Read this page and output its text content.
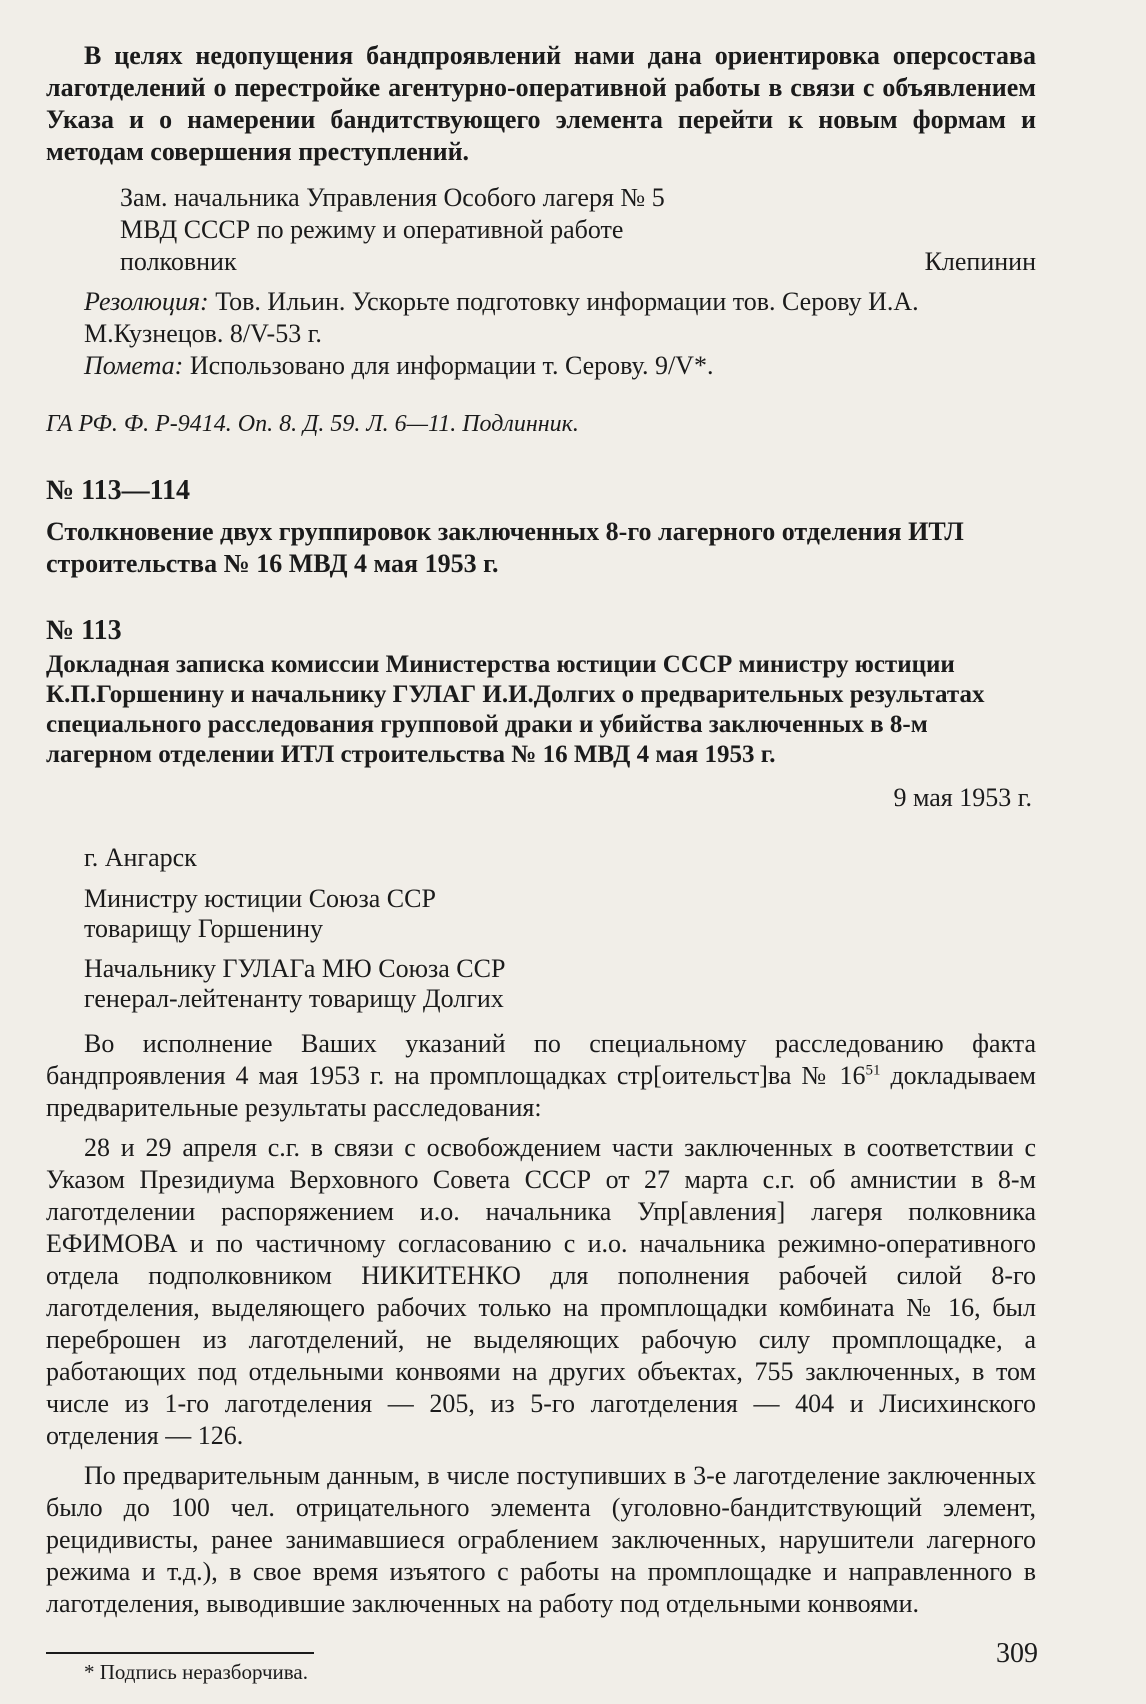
В целях недопущения бандпроявлений нами дана ориентировка оперсостава лаготделений о перестройке агентурно-оперативной работы в связи с объявлением Указа и о намерении бандитствующего элемента перейти к новым формам и методам совершения преступлений.

Зам. начальника Управления Особого лагеря № 5
МВД СССР по режиму и оперативной работе
полковник	Клепинин
Резолюция: Тов. Ильин. Ускорьте подготовку информации тов. Серову И.А. М.Кузнецов. 8/V-53 г.
Помета: Использовано для информации т. Серову. 9/V*.
ГА РФ. Ф. Р-9414. Оп. 8. Д. 59. Л. 6—11. Подлинник.
№ 113—114
Столкновение двух группировок заключенных 8-го лагерного отделения ИТЛ строительства № 16 МВД 4 мая 1953 г.
№ 113
Докладная записка комиссии Министерства юстиции СССР министру юстиции К.П.Горшенину и начальнику ГУЛАГ И.И.Долгих о предварительных результатах специального расследования групповой драки и убийства заключенных в 8-м лагерном отделении ИТЛ строительства № 16 МВД 4 мая 1953 г.
9 мая 1953 г.
г. Ангарск
Министру юстиции Союза ССР
товарищу Горшенину
Начальнику ГУЛАГа МЮ Союза ССР
генерал-лейтенанту товарищу Долгих

Во исполнение Ваших указаний по специальному расследованию факта бандпроявления 4 мая 1953 г. на промплощадках стр[оительст]ва № $16^{51}$ докладываем предварительные результаты расследования:

28 и 29 апреля с.г. в связи с освобождением части заключенных в соответствии с Указом Президиума Верховного Совета СССР от 27 марта с.г. об амнистии в 8-м лаготделении распоряжением и.о. начальника Упр[авления] лагеря полковника ЕФИМОВА и по частичному согласованию с и.о. начальника режимно-оперативного отдела подполковником НИКИТЕНКО для пополнения рабочей силой 8-го лаготделения, выделяющего рабочих только на промплощадки комбината № 16, был переброшен из лаготделений, не выделяющих рабочую силу промплощадке, а работающих под отдельными конвоями на других объектах, 755 заключенных, в том числе из 1-го лаготделения — 205, из 5-го лаготделения — 404 и Лисихинского отделения — 126.

По предварительным данным, в числе поступивших в 3-е лаготделение заключенных было до 100 чел. отрицательного элемента (уголовно-бандитствующий элемент, рецидивисты, ранее занимавшиеся ограблением заключенных, нарушители лагерного режима и т.д.), в свое время изъятого с работы на промплощадке и направленного в лаготделения, выводившие заключенных на работу под отдельными конвоями.

* Подпись неразборчива.
309
